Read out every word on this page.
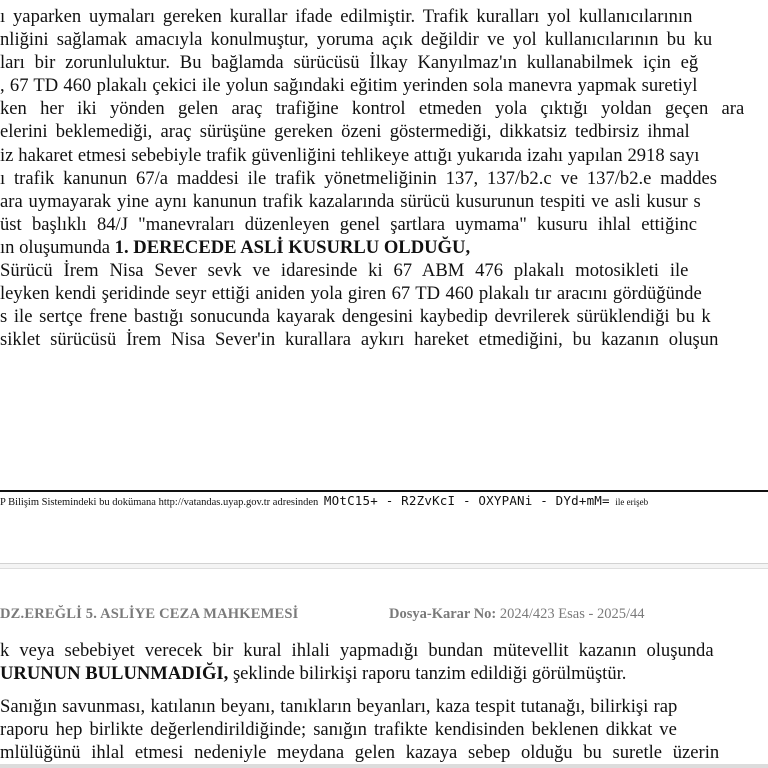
ı yaparken uymaları gereken kurallar ifade edilmiştir. Trafik kuralları yol kullanıcılarının
nliğini sağlamak amacıyla konulmuştur, yoruma açık değildir ve yol kullanıcılarının bu ku
ları bir zorunluluktur. Bu bağlamda sürücüsü İlkay Kanyılmaz'ın kullanabilmek için eğ
, 67 TD 460 plakalı çekici ile yolun sağındaki eğitim yerinden sola manevra yapmak suretiyl
ken her iki yönden gelen araç trafiğine kontrol etmeden yola çıktığı yoldan geçen ara
elerini beklemediği, araç sürüşüne gereken özeni göstermediği, dikkatsiz tedbirsiz ihmal
iz hakaret etmesi sebebiyle trafik güvenliğini tehlikeye attığı yukarıda izahı yapılan 2918 sayı
ı trafik kanunun 67/a maddesi ile trafik yönetmeliğinin 137, 137/b2.c ve 137/b2.e maddes
ara uymayarak yine aynı kanunun trafik kazalarında sürücü kusurunun tespiti ve asli kusur s
üst başlıklı 84/J "manevraları düzenleyen genel şartlara uymama" kusuru ihlal ettiğinc
ın oluşumunda 1. DERECEDE ASLİ KUSURLU OLDUĞU,
Sürücü İrem Nisa Sever sevk ve idaresinde ki 67 ABM 476 plakalı motosikleti ile
leyken kendi şeridinde seyr ettiği aniden yola giren 67 TD 460 plakalı tır aracını gördüğünde
s ile sertçe frene bastığı sonucunda kayarak dengesini kaybedip devrilerek sürüklendiği bu k
siklet sürücüsü İrem Nisa Sever'in kurallara aykırı hareket etmediğini, bu kazanın oluşun
P Bilişim Sistemindeki bu dokümana http://vatandas.uyap.gov.tr adresinden MOtC15+ - R2ZvKcI - OXYPANi - DYd+mM= ile erişeb
DZ.EREĞLİ 5. ASLİYE CEZA MAHKEMESİ	Dosya-Karar No: 2024/423 Esas - 2025/44
k veya sebebiyet verecek bir kural ihlali yapmadığı bundan mütevellit kazanın oluşunda
URUNUN BULUNMADIĞI, şeklinde bilirkişi raporu tanzim edildiği görülmüştür.
Sanığın savunması, katılanın beyanı, tanıkların beyanları, kaza tespit tutanağı, bilirkişi rap
raporu hep birlikte değerlendirildiğinde; sanığın trafikte kendisinden beklenen dikkat ve
mlülüğünü ihlal etmesi nedeniyle meydana gelen kazaya sebep olduğu bu suretle üzerin
